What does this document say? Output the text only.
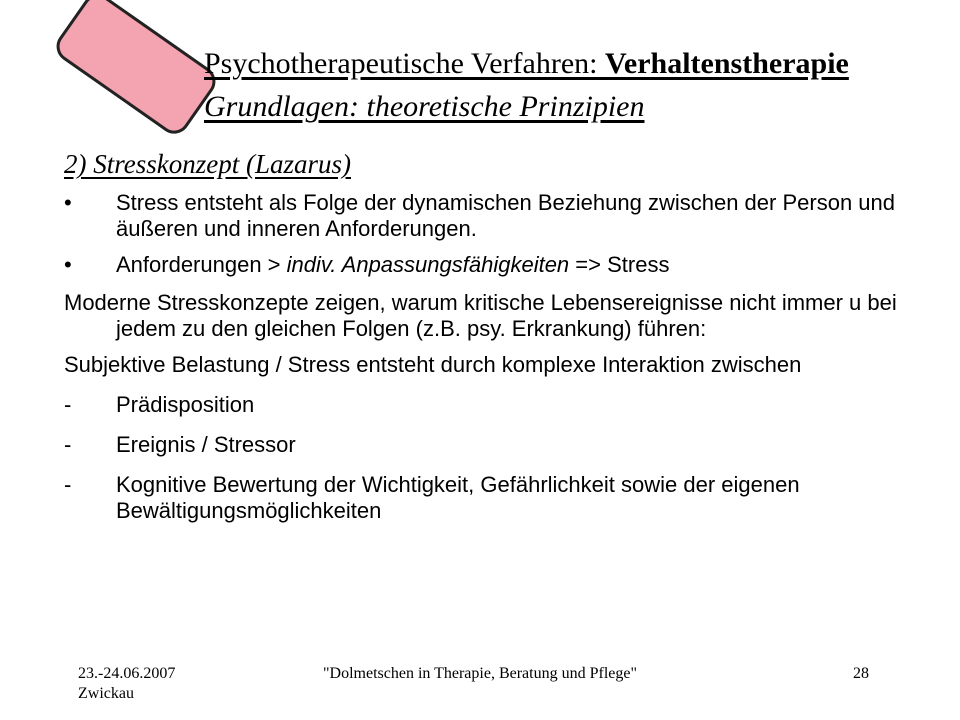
Psychotherapeutische Verfahren: Verhaltenstherapie
Grundlagen: theoretische Prinzipien
2) Stresskonzept (Lazarus)
• Stress entsteht als Folge der dynamischen Beziehung zwischen der Person und äußeren und inneren Anforderungen.
• Anforderungen > indiv. Anpassungsfähigkeiten => Stress
Moderne Stresskonzepte zeigen, warum kritische Lebensereignisse nicht immer u bei jedem zu den gleichen Folgen (z.B. psy. Erkrankung) führen:
Subjektive Belastung / Stress entsteht durch komplexe Interaktion zwischen
- Prädisposition
- Ereignis / Stressor
- Kognitive Bewertung der Wichtigkeit, Gefährlichkeit sowie der eigenen Bewältigungsmöglichkeiten
23.-24.06.2007
Zwickau
"Dolmetschen in Therapie, Beratung und Pflege"	28
